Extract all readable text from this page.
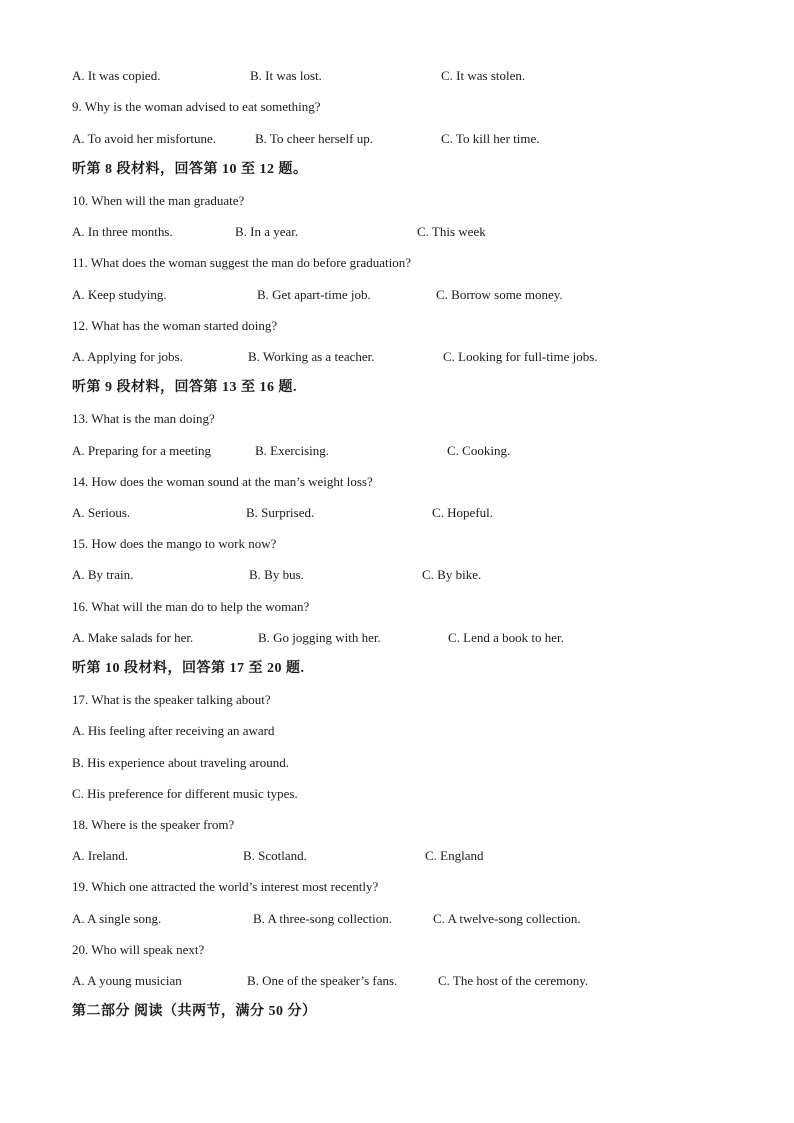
A. It was copied.	B. It was lost.	C. It was stolen.
9. Why is the woman advised to eat something?
A. To avoid her misfortune.	B. To cheer herself up.	C. To kill her time.
听第 8 段材料，回答第 10 至 12 题。
10. When will the man graduate?
A. In three months.	B. In a year.	C. This week
11. What does the woman suggest the man do before graduation?
A. Keep studying.	B. Get apart-time job.	C. Borrow some money.
12. What has the woman started doing?
A. Applying for jobs.	B. Working as a teacher.	C. Looking for full-time jobs.
听第 9 段材料，回答第 13 至 16 题.
13. What is the man doing?
A. Preparing for a meeting	B. Exercising.	C. Cooking.
14. How does the woman sound at the man’s weight loss?
A. Serious.	B. Surprised.	C. Hopeful.
15. How does the mango to work now?
A. By train.	B. By bus.	C. By bike.
16. What will the man do to help the woman?
A. Make salads for her.	B. Go jogging with her.	C. Lend a book to her.
听第 10 段材料，回答第 17 至 20 题.
17. What is the speaker talking about?
A. His feeling after receiving an award
B. His experience about traveling around.
C. His preference for different music types.
18. Where is the speaker from?
A. Ireland.	B. Scotland.	C. England
19. Which one attracted the world’s interest most recently?
A. A single song.	B. A three-song collection.	C. A twelve-song collection.
20. Who will speak next?
A. A young musician	B. One of the speaker’s fans.	C. The host of the ceremony.
第二部分 阅读（共两节，满分 50 分）
